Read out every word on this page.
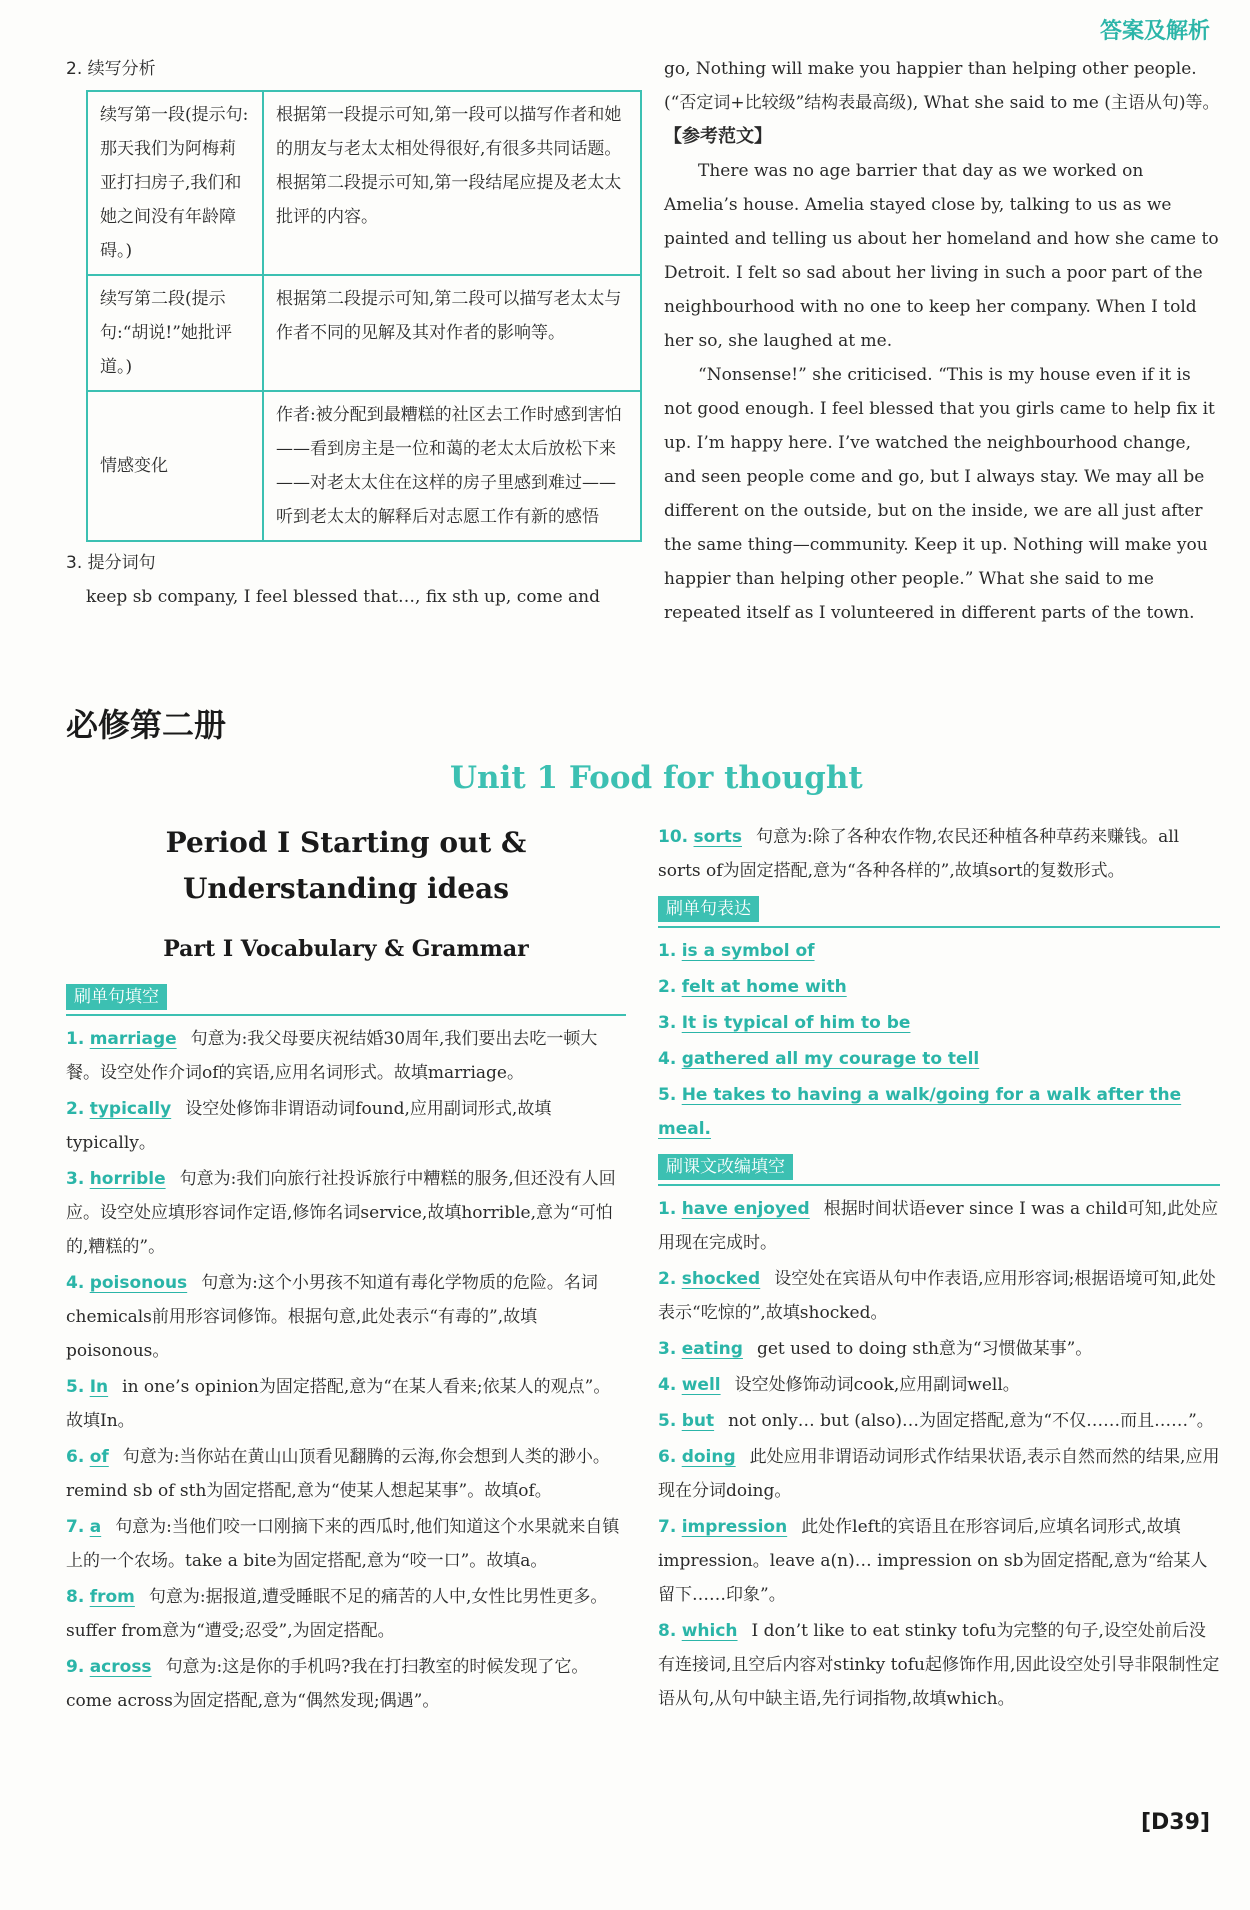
答案及解析
2. 续写分析
续写第一段(提示句:那天我们为阿梅莉亚打扫房子,我们和她之间没有年龄障碍。)	根据第一段提示可知,第一段可以描写作者和她的朋友与老太太相处得很好,有很多共同话题。根据第二段提示可知,第一段结尾应提及老太太批评的内容。
续写第二段(提示句:“胡说!”她批评道。)	根据第二段提示可知,第二段可以描写老太太与作者不同的见解及其对作者的影响等。
情感变化	作者:被分配到最糟糕的社区去工作时感到害怕——看到房主是一位和蔼的老太太后放松下来——对老太太住在这样的房子里感到难过——听到老太太的解释后对志愿工作有新的感悟
3. 提分词句
keep sb company, I feel blessed that…, fix sth up, come and
go, Nothing will make you happier than helping other people. (“否定词+比较级”结构表最高级), What she said to me (主语从句)等。
【参考范文】

There was no age barrier that day as we worked on Amelia’s house. Amelia stayed close by, talking to us as we painted and telling us about her homeland and how she came to Detroit. I felt so sad about her living in such a poor part of the neighbourhood with no one to keep her company. When I told her so, she laughed at me.

“Nonsense!” she criticised. “This is my house even if it is not good enough. I feel blessed that you girls came to help fix it up. I’m happy here. I’ve watched the neighbourhood change, and seen people come and go, but I always stay. We may all be different on the outside, but on the inside, we are all just after the same thing—community. Keep it up. Nothing will make you happier than helping other people.” What she said to me repeated itself as I volunteered in different parts of the town.

必修第二册
Unit 1 Food for thought
Period Ⅰ Starting out &
Understanding ideas
Part Ⅰ Vocabulary & Grammar
刷单句填空
1. marriage 句意为:我父母要庆祝结婚30周年,我们要出去吃一顿大餐。设空处作介词of的宾语,应用名词形式。故填marriage。
2. typically 设空处修饰非谓语动词found,应用副词形式,故填typically。
3. horrible 句意为:我们向旅行社投诉旅行中糟糕的服务,但还没有人回应。设空处应填形容词作定语,修饰名词service,故填horrible,意为“可怕的,糟糕的”。
4. poisonous 句意为:这个小男孩不知道有毒化学物质的危险。名词chemicals前用形容词修饰。根据句意,此处表示“有毒的”,故填poisonous。
5. In in one’s opinion为固定搭配,意为“在某人看来;依某人的观点”。故填In。
6. of 句意为:当你站在黄山山顶看见翻腾的云海,你会想到人类的渺小。remind sb of sth为固定搭配,意为“使某人想起某事”。故填of。
7. a 句意为:当他们咬一口刚摘下来的西瓜时,他们知道这个水果就来自镇上的一个农场。take a bite为固定搭配,意为“咬一口”。故填a。
8. from 句意为:据报道,遭受睡眠不足的痛苦的人中,女性比男性更多。suffer from意为“遭受;忍受”,为固定搭配。
9. across 句意为:这是你的手机吗?我在打扫教室的时候发现了它。come across为固定搭配,意为“偶然发现;偶遇”。
10. sorts 句意为:除了各种农作物,农民还种植各种草药来赚钱。all sorts of为固定搭配,意为“各种各样的”,故填sort的复数形式。
刷单句表达
1. is a symbol of
2. felt at home with
3. It is typical of him to be
4. gathered all my courage to tell
5. He takes to having a walk/going for a walk after the meal.
刷课文改编填空
1. have enjoyed 根据时间状语ever since I was a child可知,此处应用现在完成时。
2. shocked 设空处在宾语从句中作表语,应用形容词;根据语境可知,此处表示“吃惊的”,故填shocked。
3. eating get used to doing sth意为“习惯做某事”。
4. well 设空处修饰动词cook,应用副词well。
5. but not only… but (also)…为固定搭配,意为“不仅……而且……”。
6. doing 此处应用非谓语动词形式作结果状语,表示自然而然的结果,应用现在分词doing。
7. impression 此处作left的宾语且在形容词后,应填名词形式,故填impression。leave a(n)… impression on sb为固定搭配,意为“给某人留下……印象”。
8. which I don’t like to eat stinky tofu为完整的句子,设空处前后没有连接词,且空后内容对stinky tofu起修饰作用,因此设空处引导非限制性定语从句,从句中缺主语,先行词指物,故填which。
[D39]
